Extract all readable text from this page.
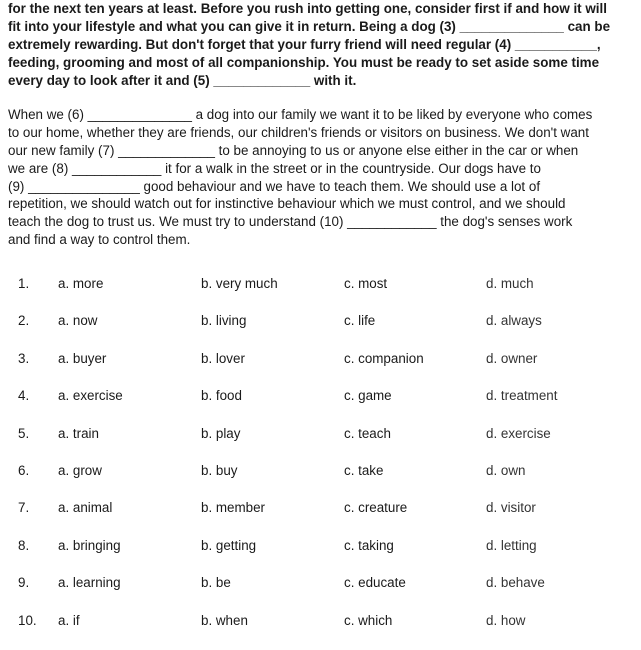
for the next ten years at least. Before you rush into getting one, consider first if and how it will
fit into your lifestyle and what you can give it in return. Being a dog (3) ______________ can be
extremely rewarding. But don't forget that your furry friend will need regular (4) ___________,
feeding, grooming and most of all companionship. You must be ready to set aside some time
every day to look after it and (5) _____________ with it.
When we (6) ______________ a dog into our family we want it to be liked by everyone who comes
to our home, whether they are friends, our children's friends or visitors on business. We don't want
our new family (7) _____________ to be annoying to us or anyone else either in the car or when
we are (8) ____________ it for a walk in the street or in the countryside. Our dogs have to
(9) _______________ good behaviour and we have to teach them. We should use a lot of
repetition, we should watch out for instinctive behaviour which we must control, and we should
teach the dog to trust us. We must try to understand (10) ____________ the dog's senses work
and find a way to control them.
1.	a. more	b. very much	c. most	d. much
2.	a. now	b. living	c. life	d. always
3.	a. buyer	b. lover	c. companion	d. owner
4.	a. exercise	b. food	c. game	d. treatment
5.	a. train	b. play	c. teach	d. exercise
6.	a. grow	b. buy	c. take	d. own
7.	a. animal	b. member	c. creature	d. visitor
8.	a. bringing	b. getting	c. taking	d. letting
9.	a. learning	b. be	c. educate	d. behave
10.	a. if	b. when	c. which	d. how
